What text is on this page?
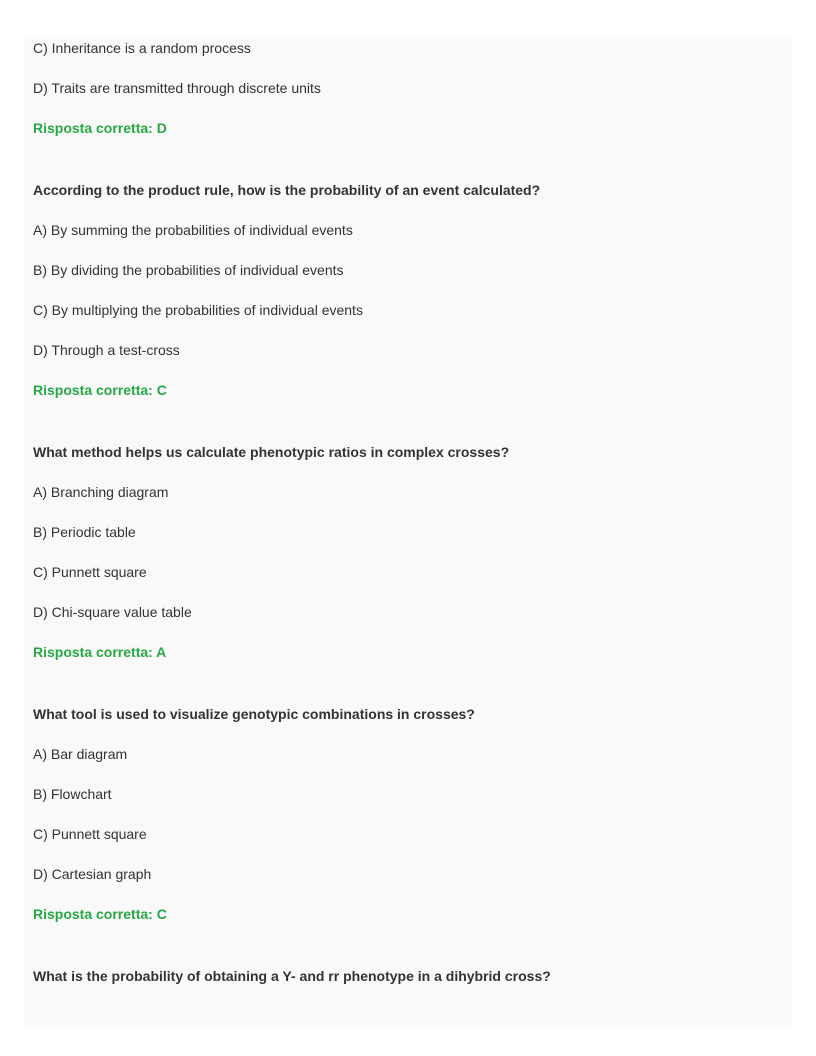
C) Inheritance is a random process
D) Traits are transmitted through discrete units
Risposta corretta: D
According to the product rule, how is the probability of an event calculated?
A) By summing the probabilities of individual events
B) By dividing the probabilities of individual events
C) By multiplying the probabilities of individual events
D) Through a test-cross
Risposta corretta: C
What method helps us calculate phenotypic ratios in complex crosses?
A) Branching diagram
B) Periodic table
C) Punnett square
D) Chi-square value table
Risposta corretta: A
What tool is used to visualize genotypic combinations in crosses?
A) Bar diagram
B) Flowchart
C) Punnett square
D) Cartesian graph
Risposta corretta: C
What is the probability of obtaining a Y- and rr phenotype in a dihybrid cross?
